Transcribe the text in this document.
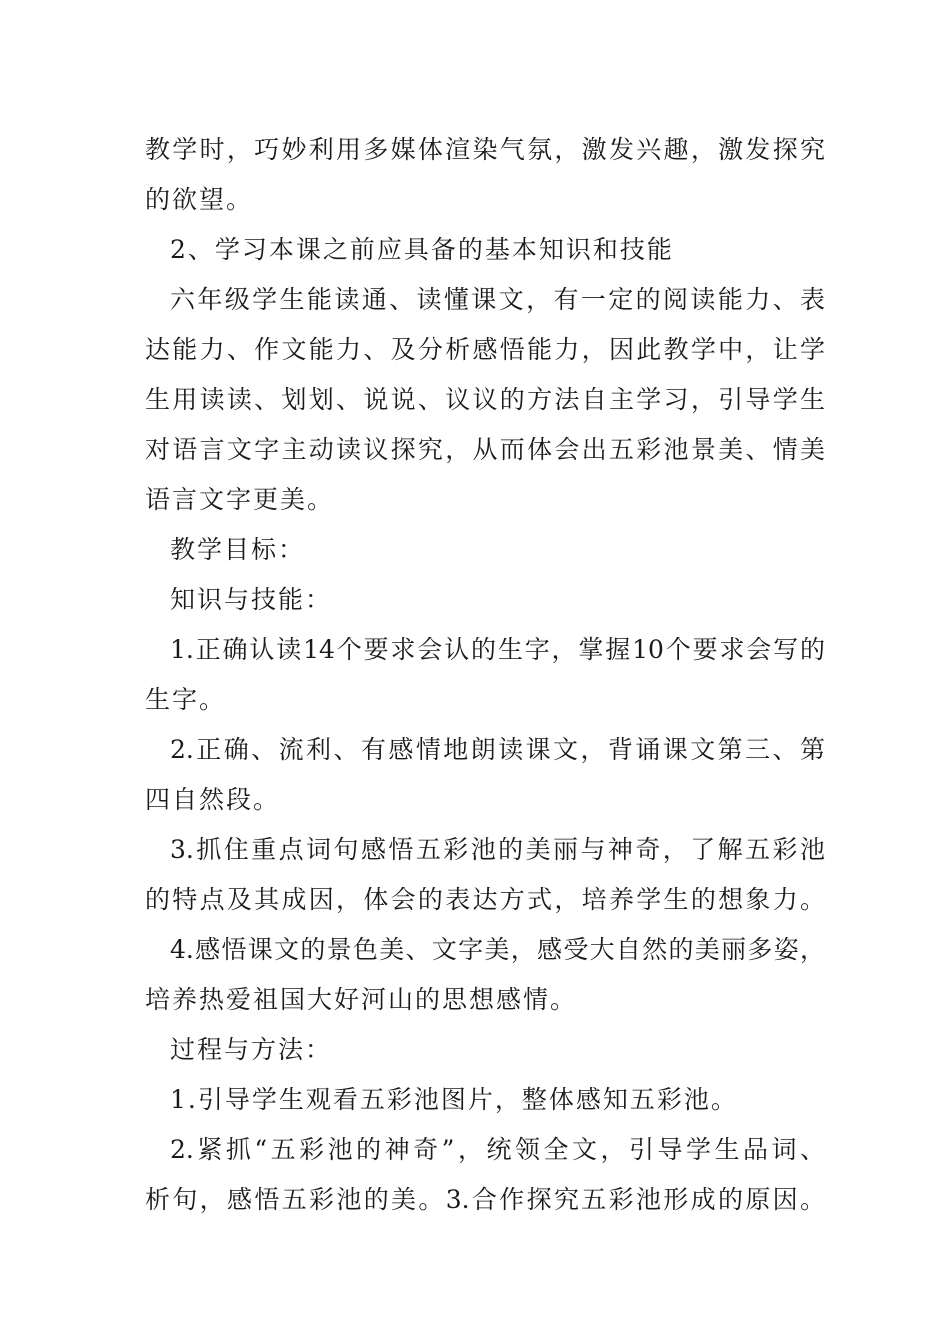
教学时，巧妙利用多媒体渲染气氛，激发兴趣，激发探究
的欲望。
2、学习本课之前应具备的基本知识和技能
六年级学生能读通、读懂课文，有一定的阅读能力、表
达能力、作文能力、及分析感悟能力，因此教学中，让学
生用读读、划划、说说、议议的方法自主学习，引导学生
对语言文字主动读议探究，从而体会出五彩池景美、情美
语言文字更美。
教学目标：
知识与技能：
1.正确认读14个要求会认的生字，掌握10个要求会写的
生字。
2.正确、流利、有感情地朗读课文，背诵课文第三、第
四自然段。
3.抓住重点词句感悟五彩池的美丽与神奇，了解五彩池
的特点及其成因，体会的表达方式，培养学生的想象力。
4.感悟课文的景色美、文字美，感受大自然的美丽多姿，
培养热爱祖国大好河山的思想感情。
过程与方法：
1.引导学生观看五彩池图片，整体感知五彩池。
2.紧抓“五彩池的神奇”，统领全文，引导学生品词、
析句，感悟五彩池的美。3.合作探究五彩池形成的原因。
